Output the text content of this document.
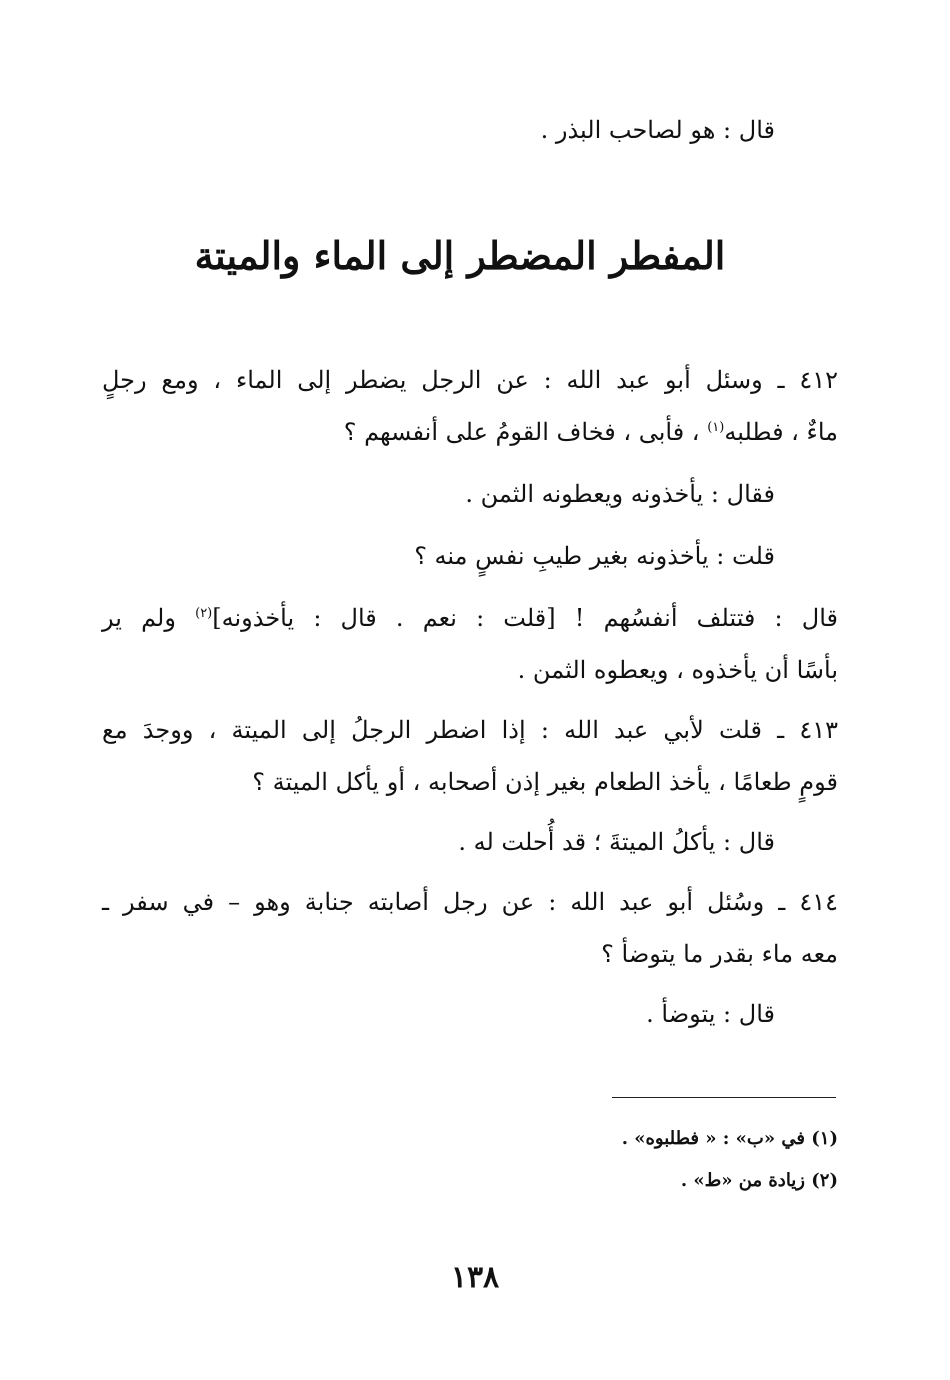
قال : هو لصاحب البذر .
المفطر المضطر إلى الماء والميتة
٤١٢ ـ وسئل أبو عبد الله : عن الرجل يضطر إلى الماء ، ومع رجلٍ
ماءٌ ، فطلبه$^{(١)}$ ، فأبى ، فخاف القومُ على أنفسهم ؟
فقال : يأخذونه ويعطونه الثمن .
قلت : يأخذونه بغير طيبِ نفسٍ منه ؟
قال : فتتلف أنفسُهم ! [قلت : نعم . قال : يأخذونه]$^{(٢)}$ ولم ير
بأسًا أن يأخذوه ، ويعطوه الثمن .
٤١٣ ـ قلت لأبي عبد الله : إذا اضطر الرجلُ إلى الميتة ، ووجدَ مع
قومٍ طعامًا ، يأخذ الطعام بغير إذن أصحابه ، أو يأكل الميتة ؟
قال : يأكلُ الميتةَ ؛ قد أُحلت له .
٤١٤ ـ وسُئل أبو عبد الله : عن رجل أصابته جنابة وهو – في سفر ـ
معه ماء بقدر ما يتوضأ ؟
قال : يتوضأ .
(١) في «ب» : « فطلبوه» .
(٢) زيادة من «ط» .
١٣٨
